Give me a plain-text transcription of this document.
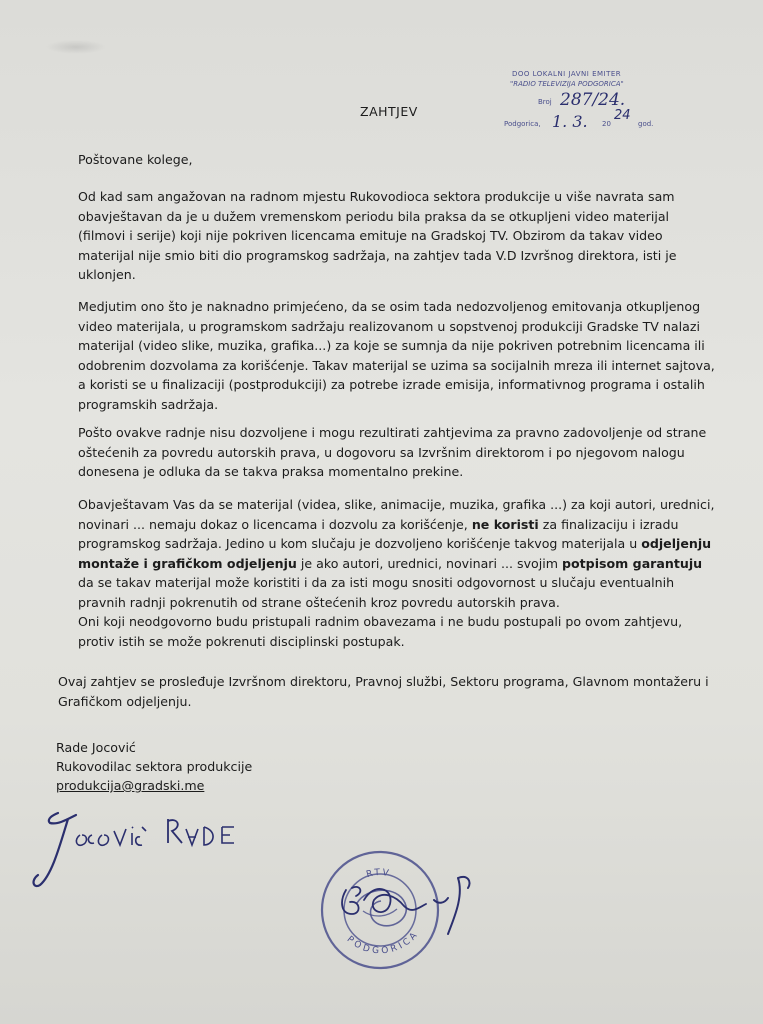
DOO LOKALNI JAVNI EMITER
"RADIO TELEVIZIJA PODGORICA"
Broj 287/24.
Podgorica, 1. 3. 20
24
god.
ZAHTJEV

Poštovane kolege,

Od kad sam angažovan na radnom mjestu Rukovodioca sektora produkcije u više navrata sam obavještavan da je u dužem vremenskom periodu bila praksa da se otkupljeni video materijal (filmovi i serije) koji nije pokriven licencama emituje na Gradskoj TV. Obzirom da takav video materijal nije smio biti dio programskog sadržaja, na zahtjev tada V.D Izvršnog direktora, isti je uklonjen.

Medjutim ono što je naknadno primjećeno, da se osim tada nedozvoljenog emitovanja otkupljenog video materijala, u programskom sadržaju realizovanom u sopstvenoj produkciji Gradske TV nalazi materijal (video slike, muzika, grafika...) za koje se sumnja da nije pokriven potrebnim licencama ili odobrenim dozvolama za korišćenje. Takav materijal se uzima sa socijalnih mreza ili internet sajtova, a koristi se u finalizaciji (postprodukciji) za potrebe izrade emisija, informativnog programa i ostalih programskih sadržaja.

Pošto ovakve radnje nisu dozvoljene i mogu rezultirati zahtjevima za pravno zadovoljenje od strane oštećenih za povredu autorskih prava, u dogovoru sa Izvršnim direktorom i po njegovom nalogu donesena je odluka da se takva praksa momentalno prekine.

Obavještavam Vas da se materijal (videa, slike, animacije, muzika, grafika ...) za koji autori, urednici, novinari ... nemaju dokaz o licencama i dozvolu za korišćenje, ne koristi za finalizaciju i izradu programskog sadržaja. Jedino u kom slučaju je dozvoljeno korišćenje takvog materijala u odjeljenju montaže i grafičkom odjeljenju je ako autori, urednici, novinari ... svojim potpisom garantuju da se takav materijal može koristiti i da za isti mogu snositi odgovornost u slučaju eventualnih pravnih radnji pokrenutih od strane oštećenih kroz povredu autorskih prava.
Oni koji neodgovorno budu pristupali radnim obavezama i ne budu postupali po ovom zahtjevu, protiv istih se može pokrenuti disciplinski postupak.

Ovaj zahtjev se prosleđuje Izvršnom direktoru, Pravnoj službi, Sektoru programa, Glavnom montažeru i Grafičkom odjeljenju.

Rade Jocović
Rukovodilac sektora produkcije
produkcija@gradski.me
RTV
PODGORICA
